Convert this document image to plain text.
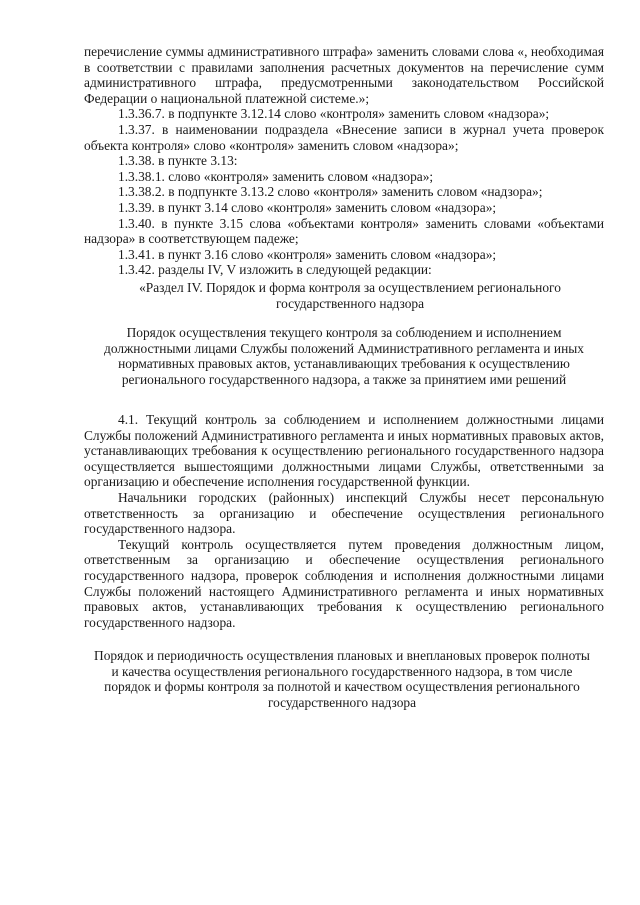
перечисление суммы административного штрафа» заменить словами слова «, необходимая в соответствии с правилами заполнения расчетных документов на перечисление сумм административного штрафа, предусмотренными законодательством Российской Федерации о национальной платежной системе.»;

1.3.36.7. в подпункте 3.12.14 слово «контроля» заменить словом «надзора»;

1.3.37. в наименовании подраздела «Внесение записи в журнал учета проверок объекта контроля» слово «контроля» заменить словом «надзора»;

1.3.38. в пункте 3.13:

1.3.38.1. слово «контроля» заменить словом «надзора»;

1.3.38.2. в подпункте 3.13.2 слово «контроля» заменить словом «надзора»;

1.3.39. в пункт 3.14 слово «контроля» заменить словом «надзора»;

1.3.40. в пункте 3.15 слова «объектами контроля» заменить словами «объектами надзора» в соответствующем падеже;

1.3.41. в пункт 3.16 слово «контроля» заменить словом «надзора»;

1.3.42. разделы IV, V изложить в следующей редакции:

«Раздел IV. Порядок и форма контроля за осуществлением регионального государственного надзора
Порядок осуществления текущего контроля за соблюдением и исполнением должностными лицами Службы положений Административного регламента и иных нормативных правовых актов, устанавливающих требования к осуществлению регионального государственного надзора, а также за принятием ими решений

4.1. Текущий контроль за соблюдением и исполнением должностными лицами Службы положений Административного регламента и иных нормативных правовых актов, устанавливающих требования к осуществлению регионального государственного надзора осуществляется вышестоящими должностными лицами Службы, ответственными за организацию и обеспечение исполнения государственной функции.

Начальники городских (районных) инспекций Службы несет персональную ответственность за организацию и обеспечение осуществления регионального государственного надзора.

Текущий контроль осуществляется путем проведения должностным лицом, ответственным за организацию и обеспечение осуществления регионального государственного надзора, проверок соблюдения и исполнения должностными лицами Службы положений настоящего Административного регламента и иных нормативных правовых актов, устанавливающих требования к осуществлению регионального государственного надзора.

Порядок и периодичность осуществления плановых и внеплановых проверок полноты и качества осуществления регионального государственного надзора, в том числе порядок и формы контроля за полнотой и качеством осуществления регионального государственного надзора
